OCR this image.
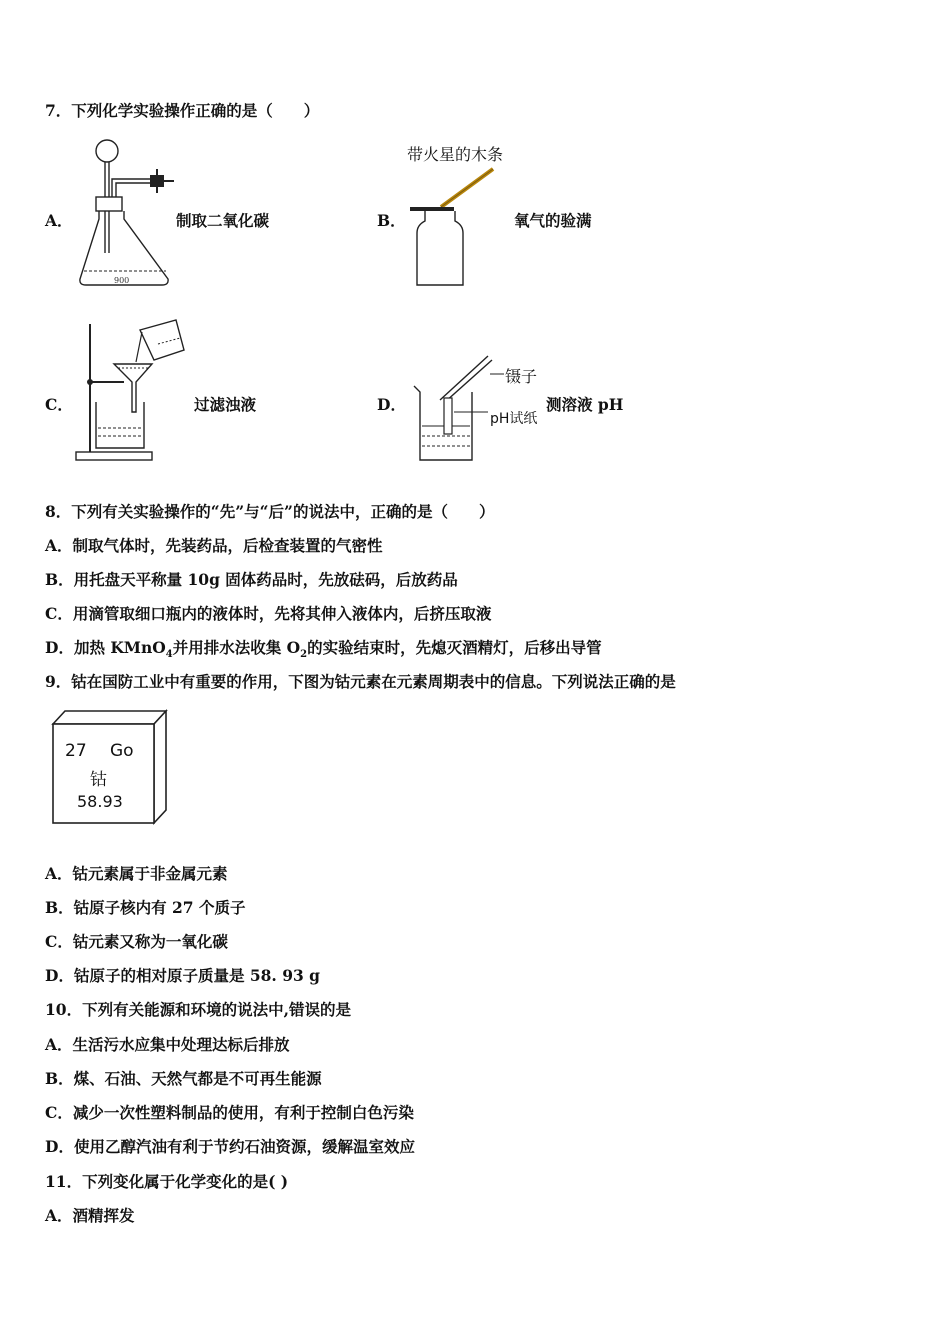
7．下列化学实验操作正确的是（　　）
A．
900
制取二氧化碳	B．
带火星的木条
氧气的验满
C．	过滤浊液	D．
镊子
pH试纸
测溶液 pH
8．下列有关实验操作的“先”与“后”的说法中，正确的是（　　）
A．制取气体时，先装药品，后检查装置的气密性
B．用托盘天平称量 10g 固体药品时，先放砝码，后放药品
C．用滴管取细口瓶内的液体时，先将其伸入液体内，后挤压取液
D．加热 KMnO$_4$并用排水法收集 $O_2$的实验结束时，先熄灭酒精灯，后移出导管
9．钴在国防工业中有重要的作用，下图为钴元素在元素周期表中的信息。下列说法正确的是
27 Go
钴
58.93
A．钴元素属于非金属元素
B．钴原子核内有 27 个质子
C．钴元素又称为一氧化碳
D．钴原子的相对原子质量是 58. 93 g
10．下列有关能源和环境的说法中,错误的是
A．生活污水应集中处理达标后排放
B．煤、石油、天然气都是不可再生能源
C．减少一次性塑料制品的使用，有利于控制白色污染
D．使用乙醇汽油有利于节约石油资源，缓解温室效应
11．下列变化属于化学变化的是( )
A．酒精挥发
